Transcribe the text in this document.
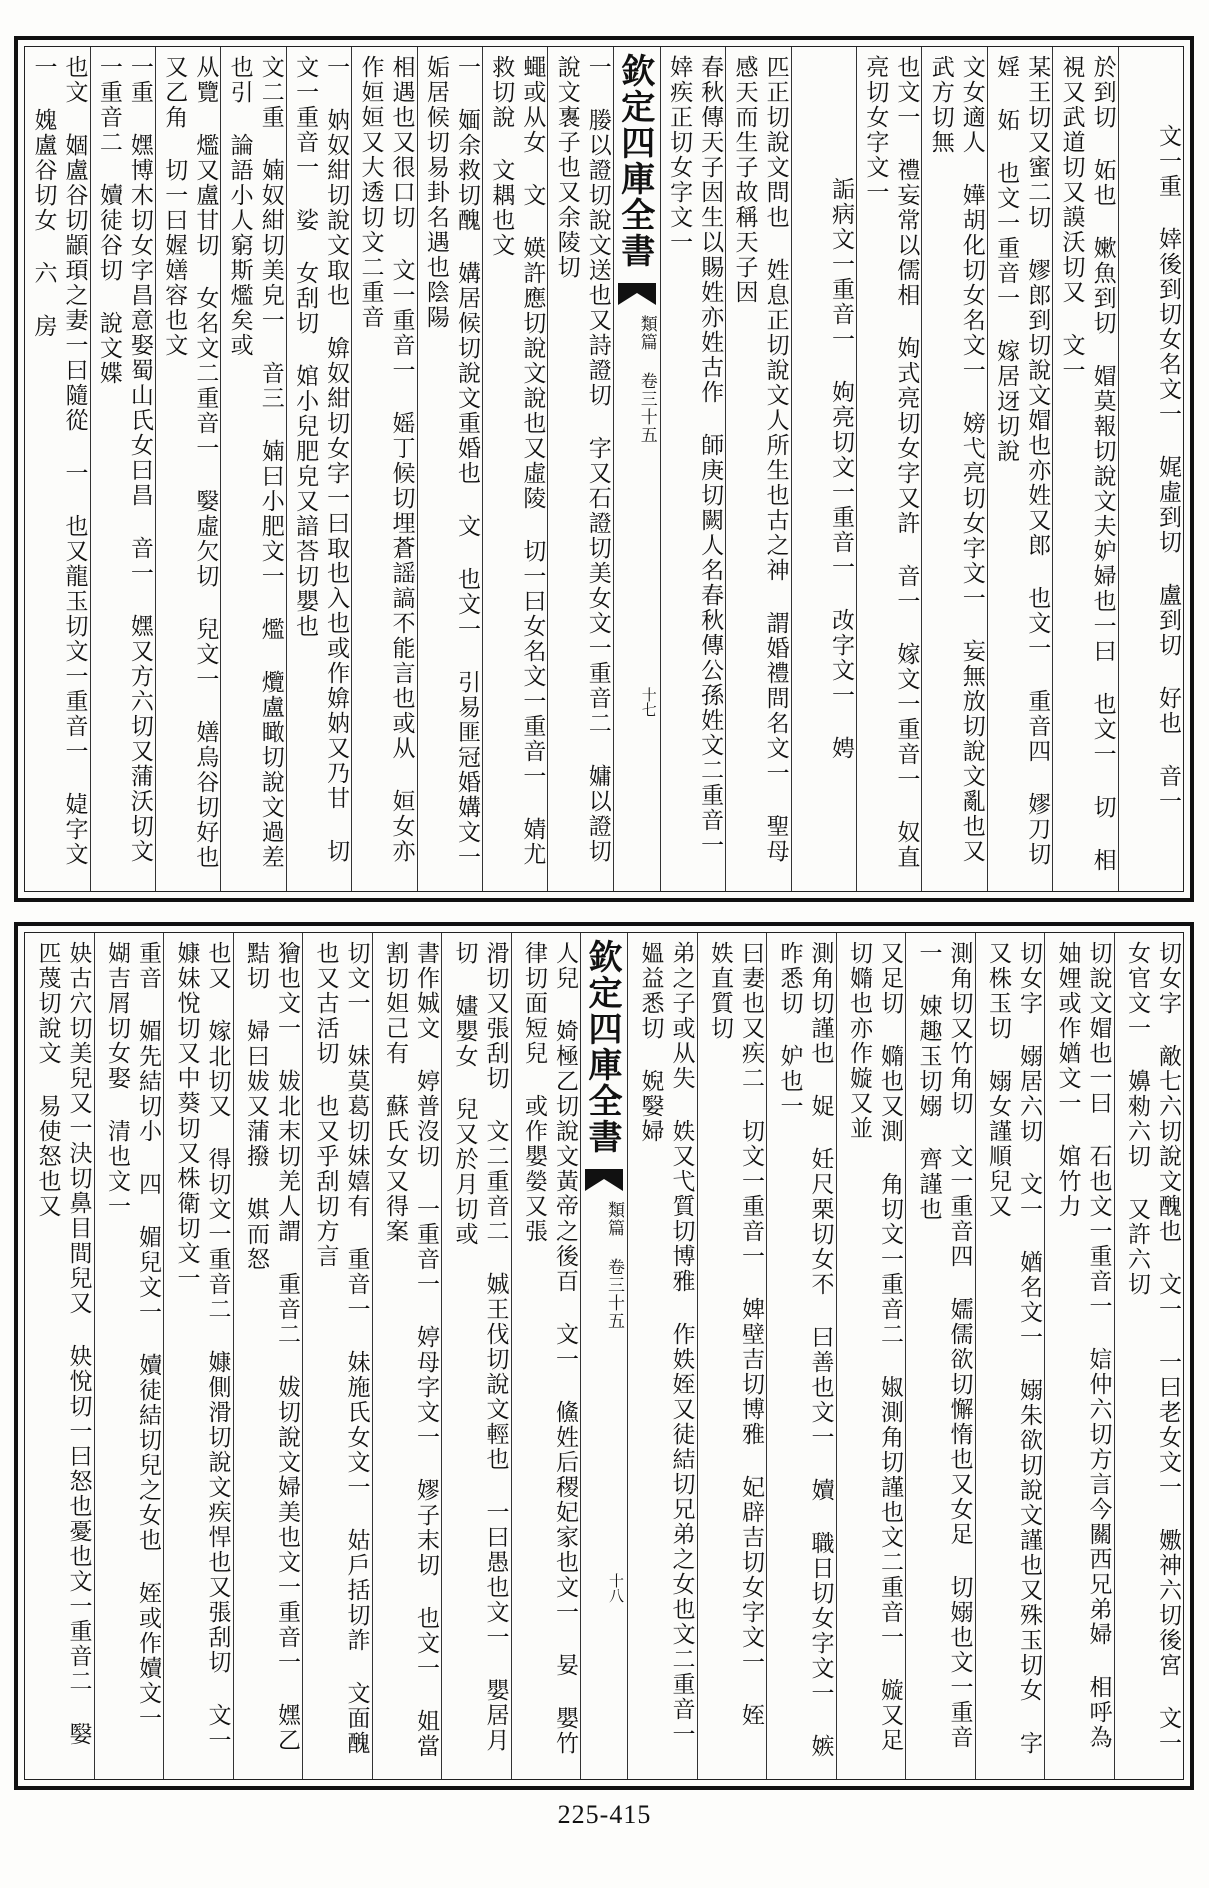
文一重 婞後到切女名文一 娓虛到切 盧到切 好也 音一
於到切 妬也 嫰魚到切 媢莫報切說文夫妒婦也一曰 也文一 切 相視又武道切又謨沃切又 文一
某王切又蜜二切 嫪郎到切說文媢也亦姓又郎 也文一 重音四 嫪刀切 婬 妬 也文一重音一 嫁居迓切說
文女適人 嬅胡化切女名文一 嫎弋亮切女字文一 妄無放切說文亂也又武方切無
也文一 禮妄常以儒相 姁式亮切女字又許 音一 嫁文一重音一 奴直亮切女字文一
詬病文一重音一 姁亮切文一重音一 妀字文一 娉
匹正切說文問也 姓息正切說文人所生也古之神 謂婚禮問名文一 聖母感天而生子故稱天子因
春秋傳天子因生以賜姓亦姓古作 師庚切闕人名春秋傳公孫姓文二重音一 婞疾正切女字文一
欽定四庫全書
類篇 卷三十五
十七
一 媵以證切說文送也又詩證切 字又石證切美女文一重音二 嫞以證切說文褢子也又余陵切
蠅或从女 文 媖許應切說文說也又虛陵 切一曰女名文一重音一 婧尤救切說 文耦也文
一 媔余救切醜 媾居候切說文重婚也 文 也文一 引易匪冠婚媾文一 姤居候切易卦名遇也陰陽
相遇也又很口切 文一重音一 媱丁候切埋蒼謡謞不能言也或从 姮女亦作姮姮又大透切文二重音
一 妠奴紺切說文取也 媕奴紺切女字一曰取也入也或作媕妠又乃甘 切文一重音一 娑 女刮切 婠小兒肥皃又諳荅切嬰也
文二重 婻奴紺切美皃一 音三 婻曰小肥文一 爁 爦盧瞰切說文過差也引 論語小人窮斯爁矣或
从覽 爁又盧甘切 女名文二重音一 嫛虛欠切 兒文一 嫸烏谷切好也又乙角 切一曰媉嫸容也文
一重 嫼博木切女字昌意娶蜀山氏女曰昌 音一 嫼又方六切又蒲沃切文一重音二 嬻徒谷切 說文媟
也文 婟盧谷切顓頊之妻一曰隨從 一 也又龍玉切文一重音一 媫字文一 媿盧谷切女 六 房
切女字 敵七六切說文醜也 文一 一曰老女文一 嫐神六切後宮 文一 女官文一 嬶勑六切 又許六切
切說文媢也一曰 石也文一重音一 娮仲六切方言今關西兄弟婦 相呼為妯娌或作媨文一 婠竹力
切女字 嫋居六切 文一 媨名文一 嫋朱欲切說文謹也又殊玉切女 字又株玉切 嫋女謹順兒又
測角切又竹角切 文一重音四 嬬儒欲切懈惰也又女足 切嫋也文一重音一 娕趣玉切嫋 齊謹也
又足切 嫷也又測 角切文一重音二 婌測角切謹也文二重音一 嫙又足切嫷也亦作嫙又並
測角切謹也 娖 妊尺栗切女不 曰善也文一 嬻 職日切女字文一 嫉昨悉切 妒也一
曰妻也又疾二 切文一重音一 婢壁吉切博雅 妃辟吉切女字文一 姪 妷直質切
弟之子或从失 妷又弋質切博雅 作妷姪又徒結切兄弟之女也文二重音一 媼益悉切 婗嫛婦
欽定四庫全書
類篇 卷三十五
十八
人兒 婍極乙切說文黃帝之後百 文一 鯈姓后稷妃家也文一 妟 嬰竹律切面短兒 或作嬰嫈又張
滑切又張刮切 文二重音二 娍王伐切說文輕也 一曰愚也文一 嬰居月切 嫿嬰女 兒又於月切或
書作娍文 婷普沒切 一重音一 婷母字文一 嫪子末切 也文一 姐當割切妲己有 蘇氏女又得案
切文一 妹莫葛切妹嬉有 重音一 妹施氏女文一 姑戶括切詐 文面醜也又古活切 也又乎刮切方言
獪也文一 妭北末切羌人謂 重音二 妭切說文婦美也文一重音一 嫼乙黠切 婦曰妭又蒲撥 娸而怒
也又 嫁北切又 得切文一重音二 嫝側滑切說文疾悍也又張刮切 文一 嫝妹悅切又中葵切又株衛切文一
重音 媚先結切小 四 媚兒文一 嬻徒結切兒之女也 姪或作嬻文一 媩吉屑切女娶 清也文一
妜古穴切美兒又一決切鼻目間兒又 妜悅切一曰怒也憂也文一重音二 嫛匹蔑切說文 易使怒也又
225-415
